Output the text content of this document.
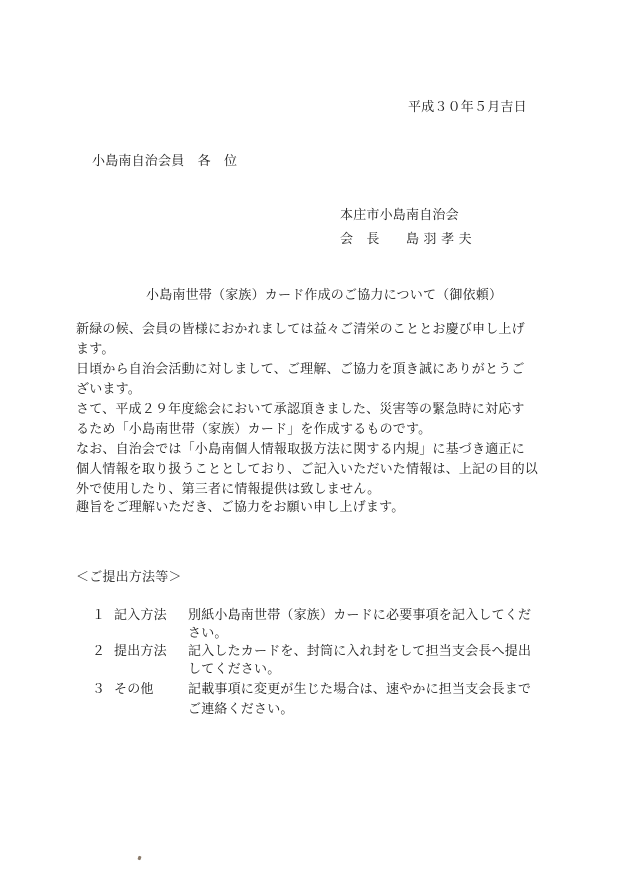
平成３０年５月吉日
小島南自治会員　各　位
本庄市小島南自治会
会　長　　島 羽 孝 夫
小島南世帯（家族）カード作成のご協力について（御依頼）
新緑の候、会員の皆様におかれましては益々ご清栄のこととお慶び申し上げ
ます。
日頃から自治会活動に対しまして、ご理解、ご協力を頂き誠にありがとうご
ざいます。
さて、平成２９年度総会において承認頂きました、災害等の緊急時に対応す
るため「小島南世帯（家族）カード」を作成するものです。
なお、自治会では「小島南個人情報取扱方法に関する内規」に基づき適正に
個人情報を取り扱うこととしており、ご記入いただいた情報は、上記の目的以
外で使用したり、第三者に情報提供は致しません。
趣旨をご理解いただき、ご協力をお願い申し上げます。
＜ご提出方法等＞
１ 記入方法 別紙小島南世帯（家族）カードに必要事項を記入してくだ
さい。
２ 提出方法 記入したカードを、封筒に入れ封をして担当支会長へ提出
してください。
３ その他	記載事項に変更が生じた場合は、速やかに担当支会長まで
ご連絡ください。
